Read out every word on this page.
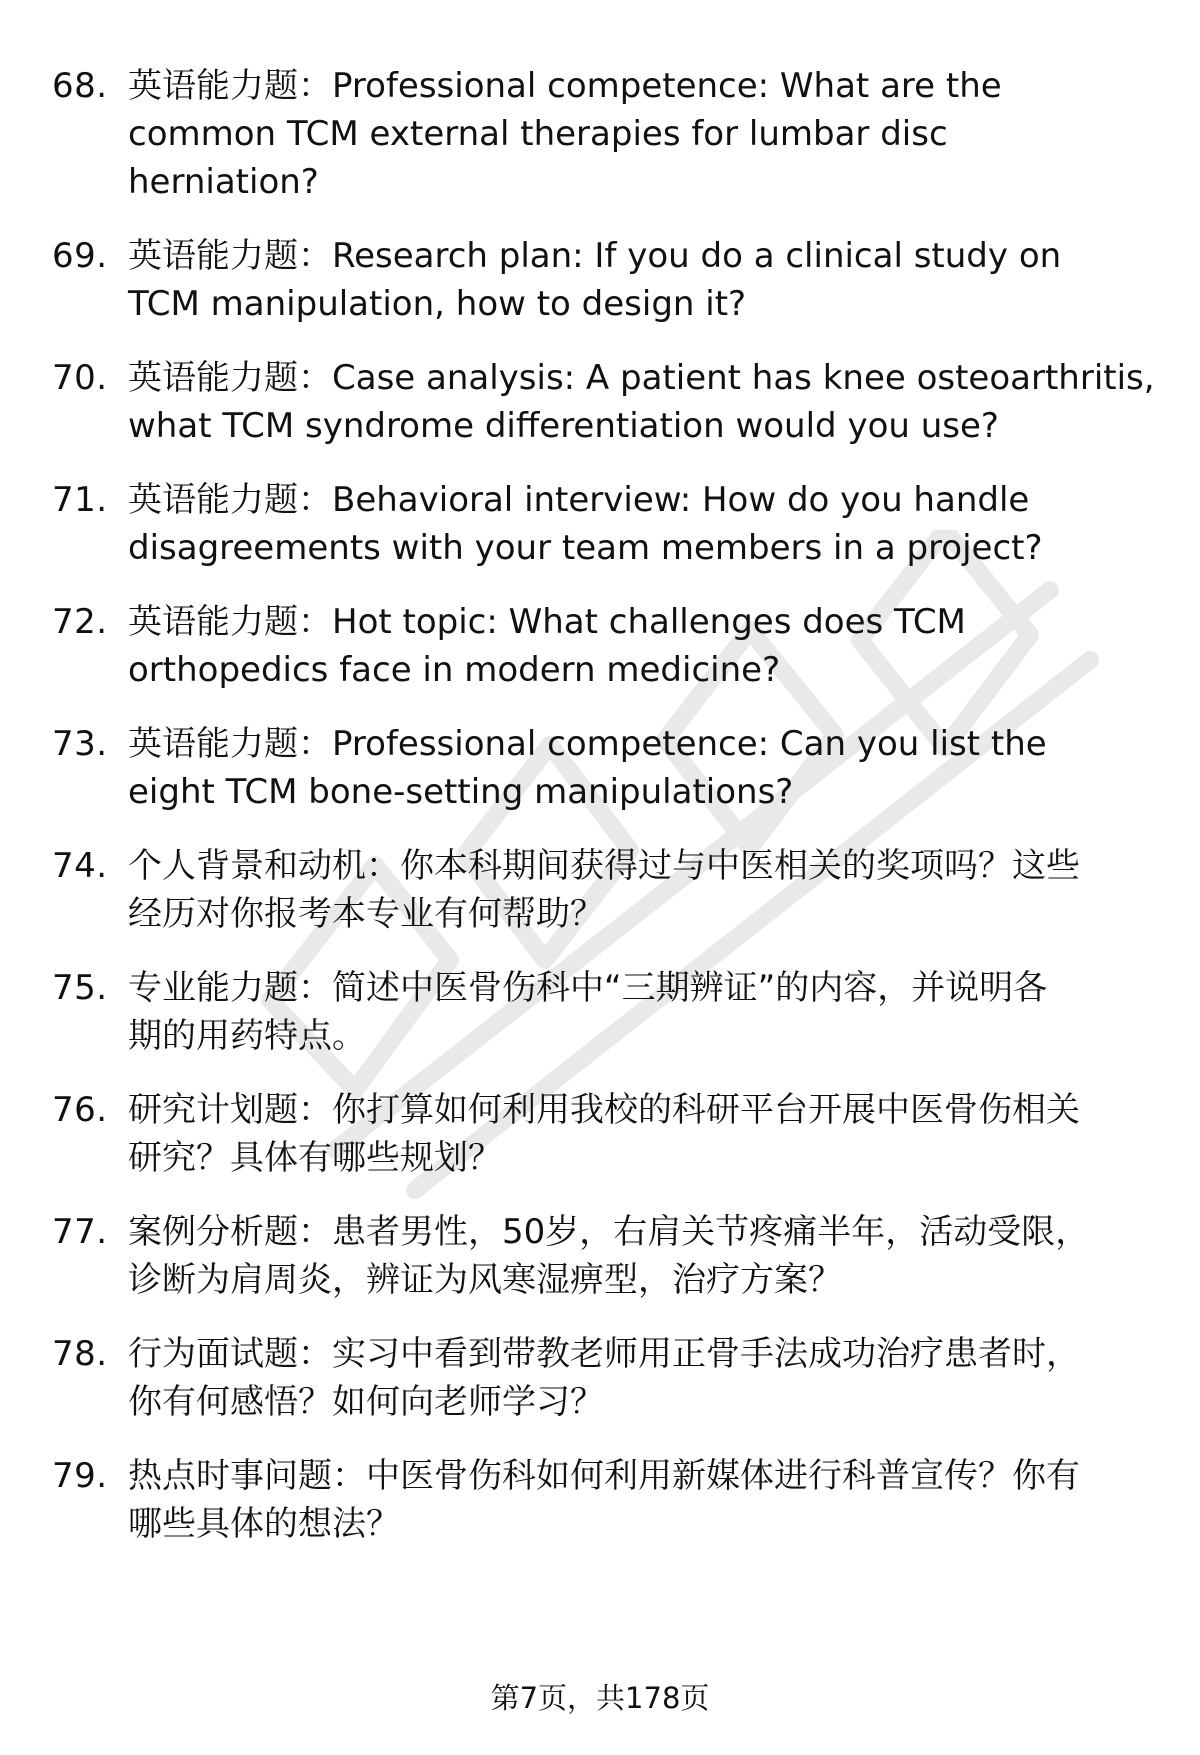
68. 英语能力题：Professional competence: What are the
common TCM external therapies for lumbar disc
herniation?
69. 英语能力题：Research plan: If you do a clinical study on
TCM manipulation, how to design it?
70. 英语能力题：Case analysis: A patient has knee osteoarthritis,
what TCM syndrome differentiation would you use?
71. 英语能力题：Behavioral interview: How do you handle
disagreements with your team members in a project?
72. 英语能力题：Hot topic: What challenges does TCM
orthopedics face in modern medicine?
73. 英语能力题：Professional competence: Can you list the
eight TCM bone-setting manipulations?
74. 个人背景和动机：你本科期间获得过与中医相关的奖项吗？这些
经历对你报考本专业有何帮助？
75. 专业能力题：简述中医骨伤科中“三期辨证”的内容，并说明各
期的用药特点。
76. 研究计划题：你打算如何利用我校的科研平台开展中医骨伤相关
研究？具体有哪些规划？
77. 案例分析题：患者男性，50岁，右肩关节疼痛半年，活动受限，
诊断为肩周炎，辨证为风寒湿痹型，治疗方案？
78. 行为面试题：实习中看到带教老师用正骨手法成功治疗患者时，
你有何感悟？如何向老师学习？
79. 热点时事问题：中医骨伤科如何利用新媒体进行科普宣传？你有
哪些具体的想法？
第7页，共178页
